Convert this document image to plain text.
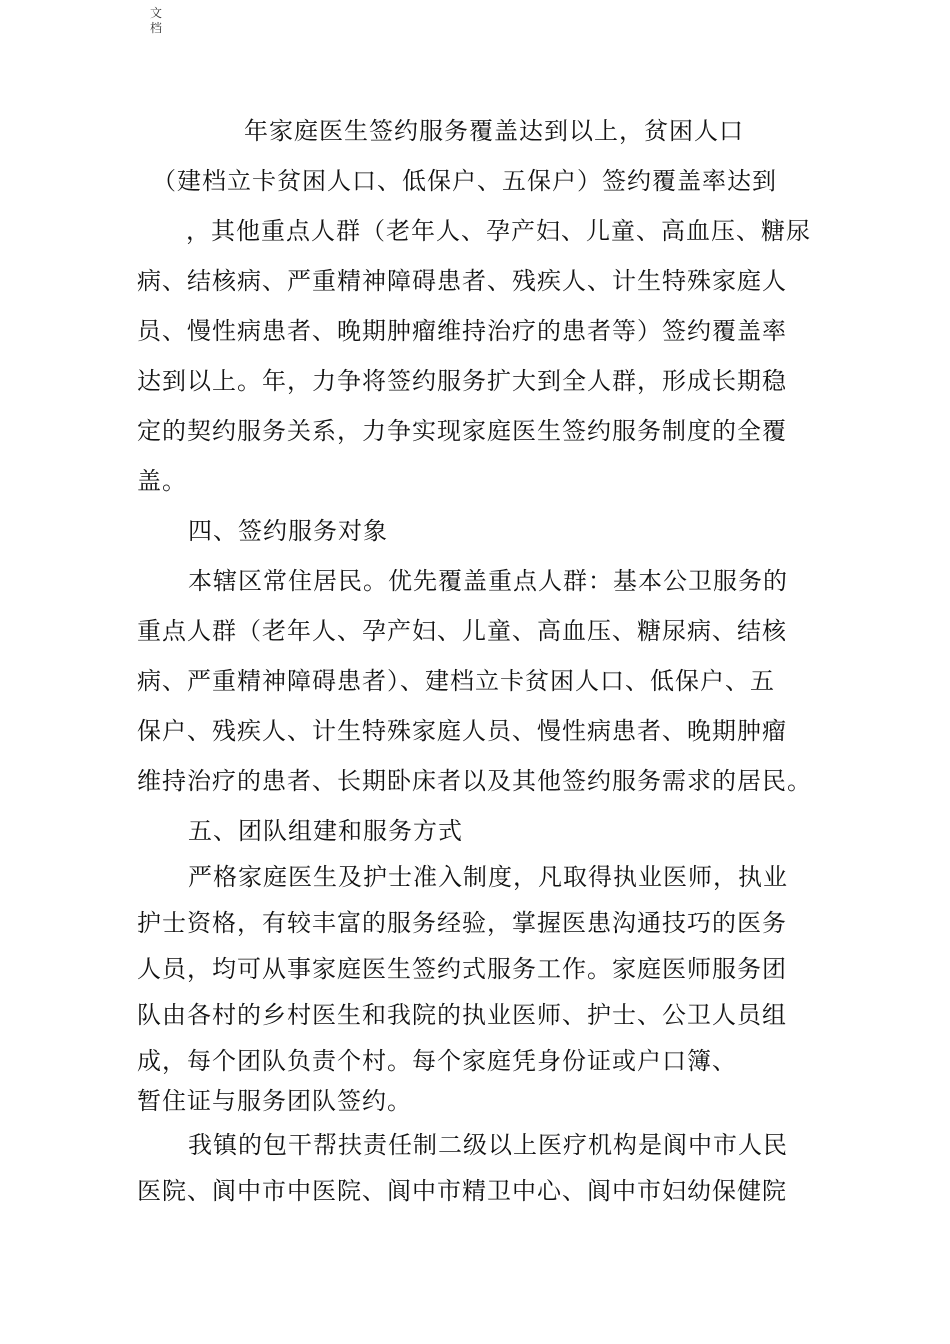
文档
年家庭医生签约服务覆盖达到以上，贫困人口
（建档立卡贫困人口、低保户、五保户）签约覆盖率达到
，其他重点人群（老年人、孕产妇、儿童、高血压、糖尿
病、结核病、严重精神障碍患者、残疾人、计生特殊家庭人
员、慢性病患者、晚期肿瘤维持治疗的患者等）签约覆盖率
达到以上。年，力争将签约服务扩大到全人群，形成长期稳
定的契约服务关系，力争实现家庭医生签约服务制度的全覆
盖。
四、签约服务对象
本辖区常住居民。优先覆盖重点人群：基本公卫服务的
重点人群（老年人、孕产妇、儿童、高血压、糖尿病、结核
病、严重精神障碍患者）、建档立卡贫困人口、低保户、五
保户、残疾人、计生特殊家庭人员、慢性病患者、晚期肿瘤
维持治疗的患者、长期卧床者以及其他签约服务需求的居民。
五、团队组建和服务方式
严格家庭医生及护士准入制度，凡取得执业医师，执业
护士资格，有较丰富的服务经验，掌握医患沟通技巧的医务
人员，均可从事家庭医生签约式服务工作。家庭医师服务团
队由各村的乡村医生和我院的执业医师、护士、公卫人员组
成，每个团队负责个村。每个家庭凭身份证或户口簿、
暂住证与服务团队签约。
我镇的包干帮扶责任制二级以上医疗机构是阆中市人民
医院、阆中市中医院、阆中市精卫中心、阆中市妇幼保健院
